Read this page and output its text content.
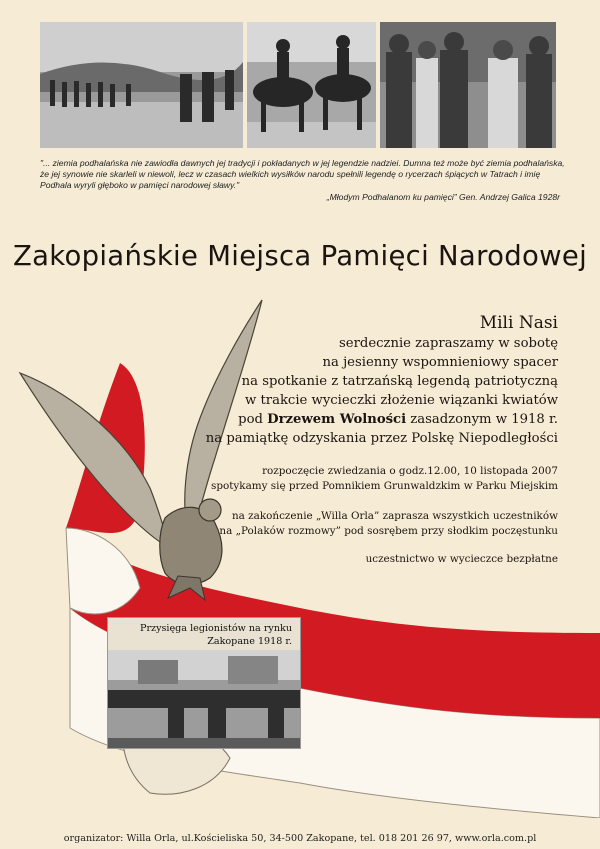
"... ziemia podhalańska nie zawiodła dawnych jej tradycji i pokładanych w jej legendzie nadziei. Dumna też może być ziemia podhalańska, że jej synowie nie skarleli w niewoli, lecz w czasach wielkich wysiłków narodu spełnili legendę o rycerzach śpiących w Tatrach i imię Podhala wyryli głęboko w pamięci narodowej sławy."
„Młodym Podhalanom ku pamięci” Gen. Andrzej Galica 1928r
Zakopiańskie Miejsca Pamięci Narodowej
Mili Nasi
serdecznie zapraszamy w sobotę
na jesienny wspomnieniowy spacer
na spotkanie z tatrzańską legendą patriotyczną
w trakcie wycieczki złożenie wiązanki kwiatów
pod Drzewem Wolności zasadzonym w 1918 r.
na pamiątkę odzyskania przez Polskę Niepodległości
rozpoczęcie zwiedzania o godz.12.00, 10 listopada 2007
spotykamy się przed Pomnikiem Grunwaldzkim w Parku Miejskim
na zakończenie „Willa Orla” zaprasza wszystkich uczestników
na „Polaków rozmowy” pod sosrębem przy słodkim poczęstunku
uczestnictwo w wycieczce bezpłatne
Przysięga legionistów na rynku
Zakopane 1918 r.
organizator: Willa Orla, ul.Kościeliska 50, 34-500 Zakopane, tel. 018 201 26 97, www.orla.com.pl
